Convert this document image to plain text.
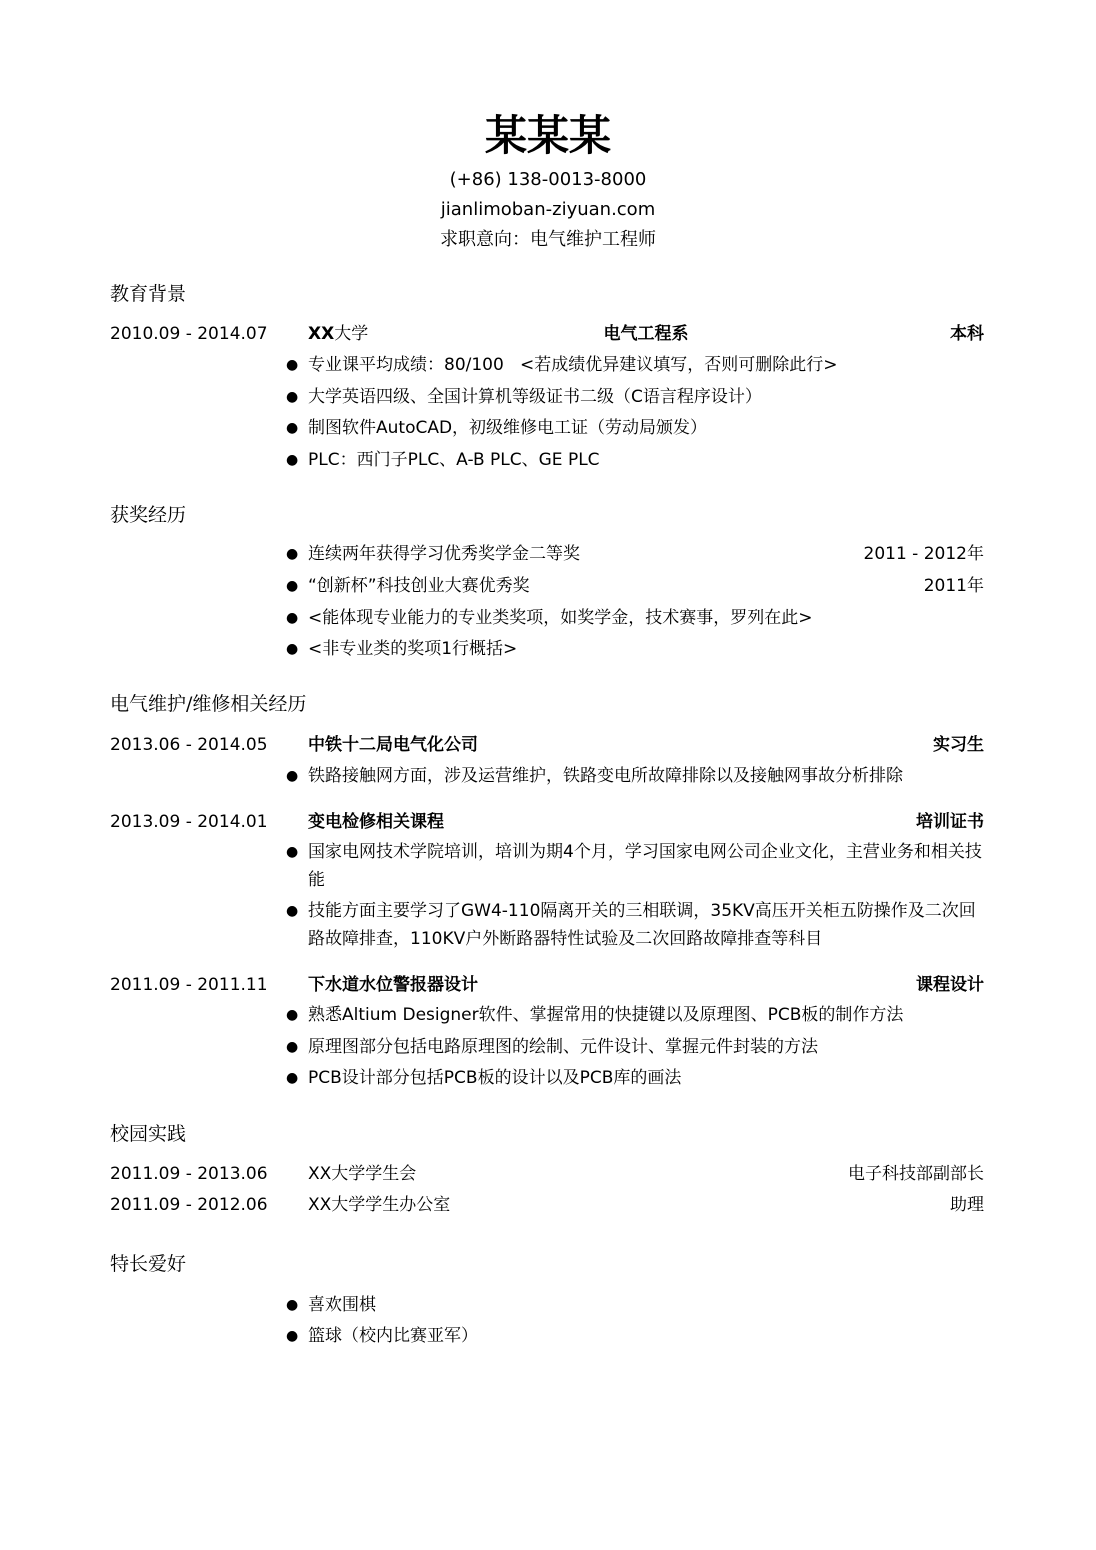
某某某
(+86) 138-0013-8000
jianlimoban-ziyuan.com
求职意向：电气维护工程师
教育背景
2010.09 - 2014.07 XX大学	电气工程系	本科
● 专业课平均成绩：80/100   <若成绩优异建议填写，否则可删除此行>
● 大学英语四级、全国计算机等级证书二级（C语言程序设计）
● 制图软件AutoCAD，初级维修电工证（劳动局颁发）
● PLC：西门子PLC、A-B PLC、GE PLC
获奖经历
● 连续两年获得学习优秀奖学金二等奖	2011 - 2012年
● “创新杯”科技创业大赛优秀奖	2011年
● <能体现专业能力的专业类奖项，如奖学金，技术赛事，罗列在此>
● <非专业类的奖项1行概括>
电气维护/维修相关经历
2013.06 - 2014.05 中铁十二局电气化公司	实习生
● 铁路接触网方面，涉及运营维护，铁路变电所故障排除以及接触网事故分析排除
2013.09 - 2014.01 变电检修相关课程	培训证书
● 国家电网技术学院培训，培训为期4个月，学习国家电网公司企业文化，主营业务和相关技能
● 技能方面主要学习了GW4-110隔离开关的三相联调，35KV高压开关柜五防操作及二次回路故障排查，110KV户外断路器特性试验及二次回路故障排查等科目
2011.09 - 2011.11 下水道水位警报器设计	课程设计
● 熟悉Altium Designer软件、掌握常用的快捷键以及原理图、PCB板的制作方法
● 原理图部分包括电路原理图的绘制、元件设计、掌握元件封装的方法
● PCB设计部分包括PCB板的设计以及PCB库的画法
校园实践
2011.09 - 2013.06 XX大学学生会	电子科技部副部长
2011.09 - 2012.06 XX大学学生办公室	助理
特长爱好
● 喜欢围棋
● 篮球（校内比赛亚军）
